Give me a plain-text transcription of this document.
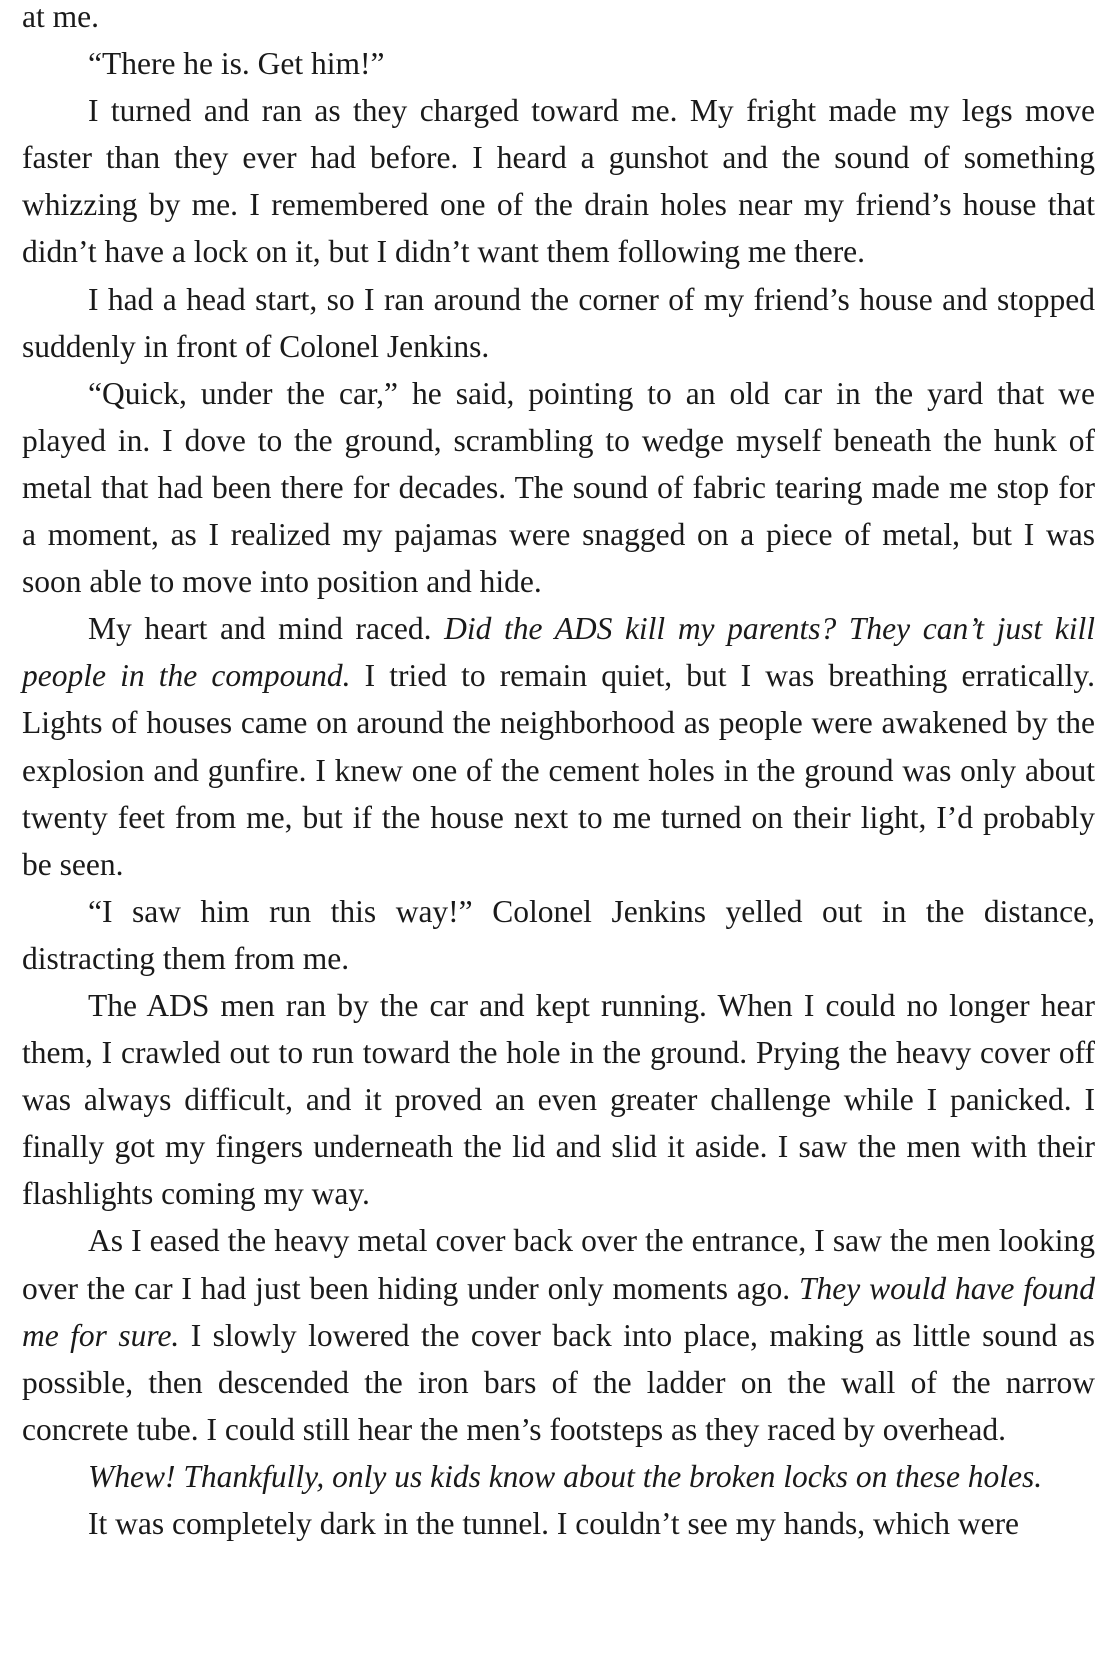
at me.

“There he is. Get him!”

I turned and ran as they charged toward me. My fright made my legs move faster than they ever had before. I heard a gunshot and the sound of something whizzing by me. I remembered one of the drain holes near my friend’s house that didn’t have a lock on it, but I didn’t want them following me there.

I had a head start, so I ran around the corner of my friend’s house and stopped suddenly in front of Colonel Jenkins.

“Quick, under the car,” he said, pointing to an old car in the yard that we played in. I dove to the ground, scrambling to wedge myself beneath the hunk of metal that had been there for decades. The sound of fabric tearing made me stop for a moment, as I realized my pajamas were snagged on a piece of metal, but I was soon able to move into position and hide.

My heart and mind raced. Did the ADS kill my parents? They can’t just kill people in the compound. I tried to remain quiet, but I was breathing erratically. Lights of houses came on around the neighborhood as people were awakened by the explosion and gunfire. I knew one of the cement holes in the ground was only about twenty feet from me, but if the house next to me turned on their light, I’d probably be seen.

“I saw him run this way!” Colonel Jenkins yelled out in the distance, distracting them from me.

The ADS men ran by the car and kept running. When I could no longer hear them, I crawled out to run toward the hole in the ground. Prying the heavy cover off was always difficult, and it proved an even greater challenge while I panicked. I finally got my fingers underneath the lid and slid it aside. I saw the men with their flashlights coming my way.

As I eased the heavy metal cover back over the entrance, I saw the men looking over the car I had just been hiding under only moments ago. They would have found me for sure. I slowly lowered the cover back into place, making as little sound as possible, then descended the iron bars of the ladder on the wall of the narrow concrete tube. I could still hear the men’s footsteps as they raced by overhead.

Whew! Thankfully, only us kids know about the broken locks on these holes.

It was completely dark in the tunnel. I couldn’t see my hands, which were
